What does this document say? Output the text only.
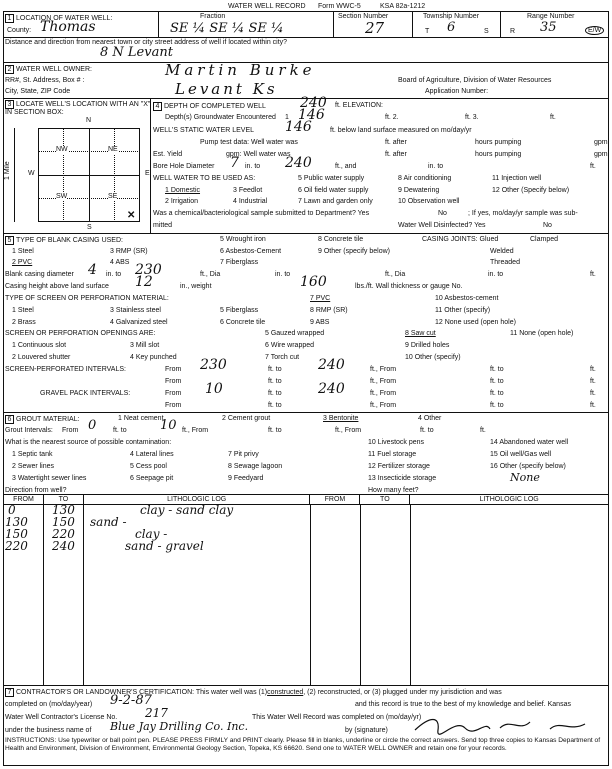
WATER WELL RECORD Form WWC-5	KSA 82a-1212
1 LOCATION OF WATER WELL:
County: Thomas
Fraction
SE ¼ SE ¼ SE ¼
Section Number
27
Township Number
T 6	S
Range Number
R 35	E/W
Distance and direction from nearest town or city street address of well if located within city?
8 N Levant
2 WATER WELL OWNER:	Martin Burke
RR#, St. Address, Box # :	Board of Agriculture, Division of Water Resources
City, State, ZIP Code	Levant Ks	Application Number:
3 LOCATE WELL'S LOCATION WITH AN "X" IN SECTION BOX:
N
W	E
S
1 Mile
NW	NE
SW	SE
✕
4 DEPTH OF COMPLETED WELL 240 ft. ELEVATION:
Depth(s) Groundwater Encountered 1 146	ft. 2.	ft. 3.	ft.
WELL'S STATIC WATER LEVEL 146	ft. below land surface measured on mo/day/yr
Pump test data: Well water was	ft. after	hours pumping	gpm
Est. Yield	gpm: Well water was	ft. after	hours pumping	gpm
Bore Hole Diameter 7 in. to 240	ft., and	in. to	ft.
WELL WATER TO BE USED AS:
1 Domestic
2 Irrigation
3 Feedlot
4 Industrial
5 Public water supply
6 Oil field water supply
7 Lawn and garden only
8 Air conditioning
9 Dewatering
10 Observation well
11 Injection well
12 Other (Specify below)
Was a chemical/bacteriological sample submitted to Department? Yes	No	; If yes, mo/day/yr sample was sub-
mitted	Water Well Disinfected? Yes	No
5 TYPE OF BLANK CASING USED:
1 Steel
2 PVC
3 RMP (SR)
4 ABS
5 Wrought iron
6 Asbestos-Cement
7 Fiberglass
8 Concrete tile
9 Other (specify below)
CASING JOINTS: Glued	Clamped
Welded
Threaded
Blank casing diameter 4 in. to 230	ft., Dia	in. to	ft., Dia	in. to	ft.
Casing height above land surface 12	in., weight	160	lbs./ft. Wall thickness or gauge No.
TYPE OF SCREEN OR PERFORATION MATERIAL:
1 Steel
2 Brass
3 Stainless steel
4 Galvanized steel
5 Fiberglass
6 Concrete tile
7 PVC
8 RMP (SR)
9 ABS
10 Asbestos-cement
11 Other (specify)
12 None used (open hole)
SCREEN OR PERFORATION OPENINGS ARE:
1 Continuous slot
2 Louvered shutter
3 Mill slot
4 Key punched
5 Gauzed wrapped
6 Wire wrapped
7 Torch cut
8 Saw cut
9 Drilled holes
10 Other (specify)
11 None (open hole)
SCREEN-PERFORATED INTERVALS:	From 230	ft. to	240	ft., From	ft. to	ft.
From	ft. to	ft., From	ft. to	ft.
GRAVEL PACK INTERVALS:	From 10	ft. to	240	ft., From	ft. to	ft.
From	ft. to	ft., From	ft. to	ft.
6 GROUT MATERIAL:	1 Neat cement	2 Cement grout	3 Bentonite	4 Other
Grout Intervals: From 0 ft. to	10 ft., From	ft. to	ft., From	ft. to	ft.
What is the nearest source of possible contamination:
1 Septic tank
2 Sewer lines
3 Watertight sewer lines
4 Lateral lines
5 Cess pool
6 Seepage pit
7 Pit privy
8 Sewage lagoon
9 Feedyard
10 Livestock pens
11 Fuel storage
12 Fertilizer storage
13 Insecticide storage
14 Abandoned water well
15 Oil well/Gas well
16 Other (specify below)
None
Direction from well?	How many feet?
FROM	TO	LITHOLOGIC LOG	FROM	TO	LITHOLOGIC LOG
0	130	clay - sand clay
130 150 sand -
150 220	clay -
220 240	sand - gravel
7 CONTRACTOR'S OR LANDOWNER'S CERTIFICATION: This water well was (1)constructed, (2) reconstructed, or (3) plugged under my jurisdiction and was
completed on (mo/day/year) 9-2-87	and this record is true to the best of my knowledge and belief. Kansas
Water Well Contractor's License No. 217	This Water Well Record was completed on (mo/day/yr)
under the business name of Blue Jay Drilling Co. Inc.	by (signature)
INSTRUCTIONS: Use typewriter or ball point pen. PLEASE PRESS FIRMLY and PRINT clearly. Please fill in blanks, underline or circle the correct answers. Send top three copies to Kansas Department of Health and Environment, Division of Environment, Environmental Geology Section, Topeka, KS 66620. Send one to WATER WELL OWNER and retain one for your records.
